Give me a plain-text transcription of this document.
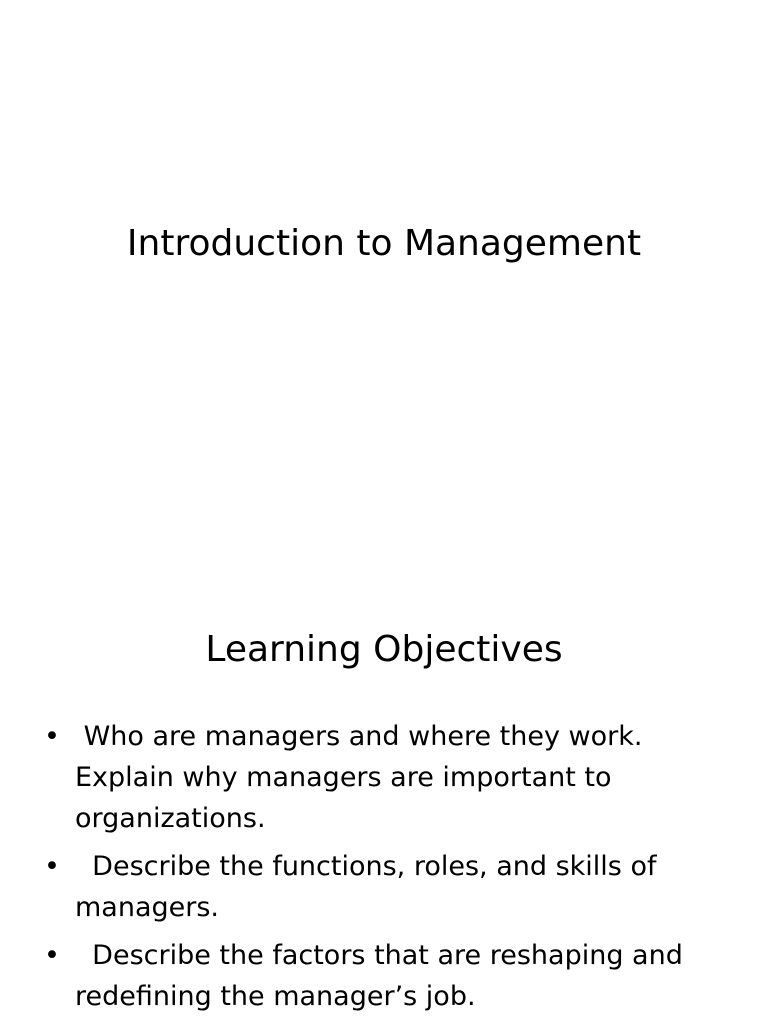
Introduction to Management
Learning Objectives
• Who are managers and where they work. Explain why managers are important to organizations.
• Describe the functions, roles, and skills of managers.
• Describe the factors that are reshaping and redefining the manager’s job.
